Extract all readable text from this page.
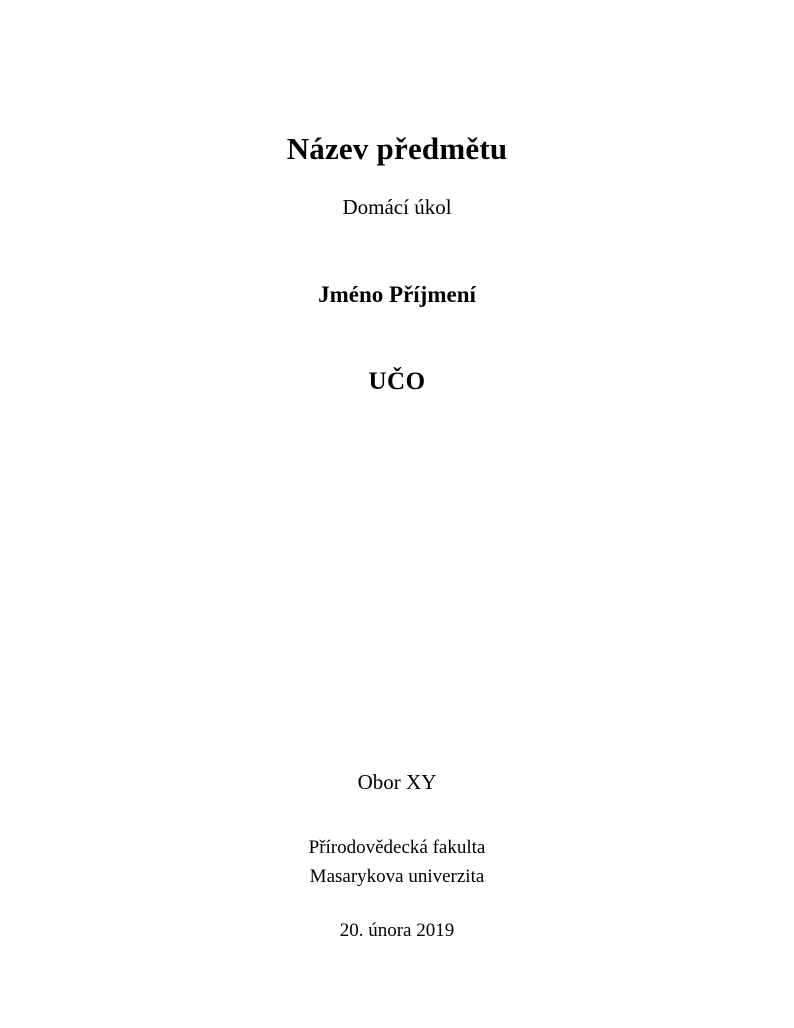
Název předmětu

Domácí úkol

Jméno Příjmení

UČO

Obor XY

Přírodovědecká fakulta

Masarykova univerzita

20. února 2019
